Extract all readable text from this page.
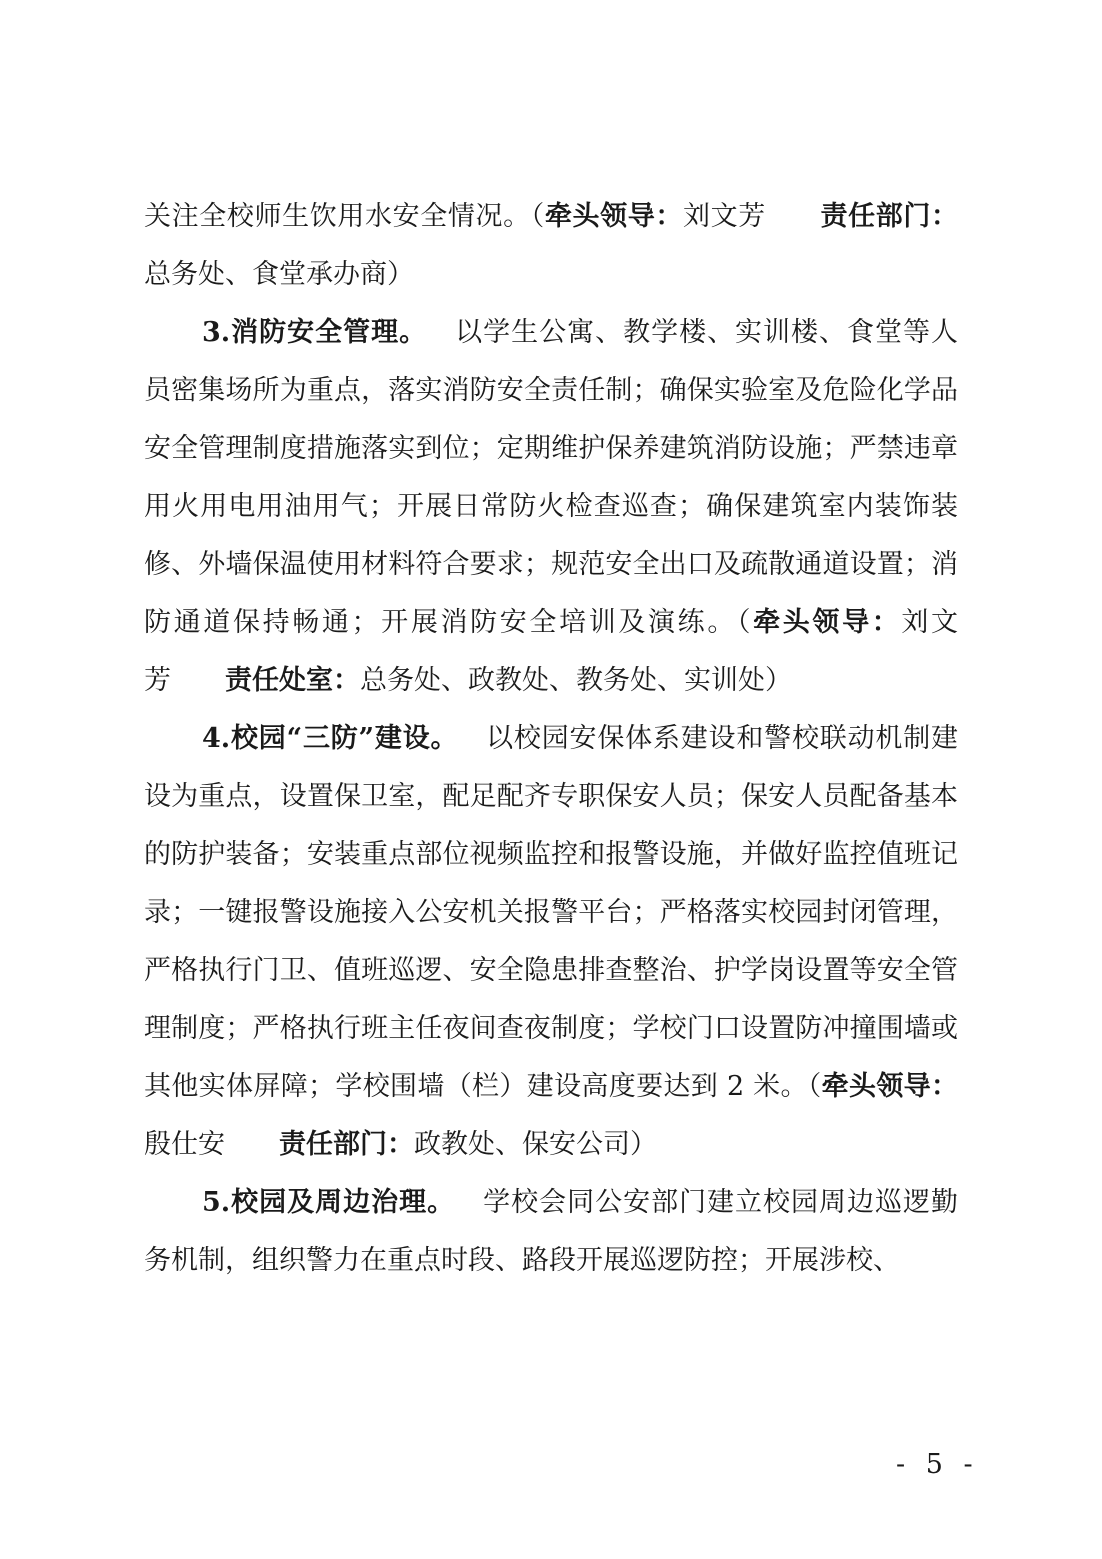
关注全校师生饮用水安全情况。（牵头领导：刘文芳   责任部门：总务处、食堂承办商）

3.消防安全管理。  以学生公寓、教学楼、实训楼、食堂等人员密集场所为重点，落实消防安全责任制；确保实验室及危险化学品安全管理制度措施落实到位；定期维护保养建筑消防设施；严禁违章用火用电用油用气；开展日常防火检查巡查；确保建筑室内装饰装修、外墙保温使用材料符合要求；规范安全出口及疏散通道设置；消防通道保持畅通；开展消防安全培训及演练。（牵头领导：刘文芳   责任处室：总务处、政教处、教务处、实训处）

4.校园“三防”建设。  以校园安保体系建设和警校联动机制建设为重点，设置保卫室，配足配齐专职保安人员；保安人员配备基本的防护装备；安装重点部位视频监控和报警设施，并做好监控值班记录；一键报警设施接入公安机关报警平台；严格落实校园封闭管理，严格执行门卫、值班巡逻、安全隐患排查整治、护学岗设置等安全管理制度；严格执行班主任夜间查夜制度；学校门口设置防冲撞围墙或其他实体屏障；学校围墙（栏）建设高度要达到 2 米。（牵头领导：殷仕安   责任部门：政教处、保安公司）

5.校园及周边治理。  学校会同公安部门建立校园周边巡逻勤务机制，组织警力在重点时段、路段开展巡逻防控；开展涉校、

- 5 -
